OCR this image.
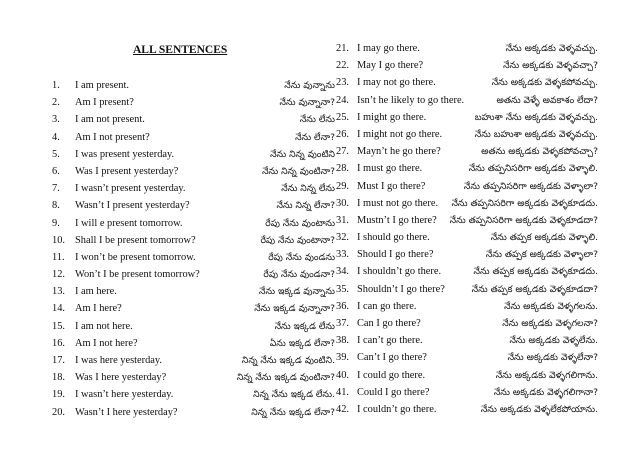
ALL SENTENCES
1. I am present.	నేను వున్నాను
2. Am I present?	నేను వున్నానా?
3. I am not present.	నేను లేను
4. Am I not present?	నేను లేనా?
5. I was present yesterday.	నేను నిన్న వుంటిని
6. Was I present yesterday?	నేను నిన్న వుంటినా?
7. I wasn’t present yesterday.	నేను నిన్న లేను
8. Wasn’t I present yesterday?	నేను నిన్న లేనా?
9. I will e present tomorrow.	రేపు నేను వుంటాను
10. Shall I be present tomorrow?	రేపు నేను వుంటానా?
11. I won’t be present tomorrow.	రేపు నేను వుండను
12. Won’t I be present tomorrow?	రేపు నేను వుండనా?
13. I am here.	నేను ఇక్కడ వున్నాను
14. Am I here?	నేను ఇక్కడ వున్నానా?
15. I am not here.	నేను ఇక్కడ లేను
16. Am I not here?	ఏను ఇక్కడ లేనా?
17. I was here yesterday.	నిన్న నేను ఇక్కడ వుంటిని.
18. Was I here yesterday?	నిన్న నేను ఇక్కడ వుంటినా?
19. I wasn’t here yesterday.	నిన్న నేను ఇక్కడ లేను.
20. Wasn’t I here yesterday?	నిన్న నేను ఇక్కడ లేనా?
21. I may go there.	నేను అక్కడకు వెళ్ళవచ్చు.
22. May I go there?	నేను అక్కడకు వెళ్ళవచ్చా?
23. I may not go there.	నేను అక్కడకు వెళ్ళకపోవచ్చు.
24. Isn’t he likely to go there.	అతను వెళ్ళే అవకాశం లేదా?
25. I might go there.	బహుశా నేను అక్కడకు వెళ్ళవచ్చు.
26. I might not go there.	నేను బహుశా అక్కడకు వెళ్ళవచ్చు.
27. Mayn’t he go there?	అతను అక్కడకు వెళ్ళకపోవచ్చా?
28. I must go there.	నేను తప్పనిసరిగా అక్కడకు వెళ్ళాలి.
29. Must I go there?	నేను తప్పనిసరిగా అక్కడకు వెళ్ళాలా?
30. I must not go there. నేను తప్పనిసరిగా అక్కడకు వెళ్ళకూడదు.
31. Mustn’t I go there? నేను తప్పనిసరిగా అక్కడకు వెళ్ళకూడదా?
32. I should go there.	నేను తప్పక అక్కడకు వెళ్ళాలి.
33. Should I go there?	నేను తప్పక అక్కడకు వెళ్ళాలా?
34. I shouldn’t go there.	నేను తప్పక అక్కడకు వెళ్ళకూడదు.
35. Shouldn’t I go there?	నేను తప్పక అక్కడకు వెళ్ళకూడదా?
36. I can go there.	నేను అక్కడకు వెళ్ళగలను.
37. Can I go there?	నేను అక్కడకు వెళ్ళగలనా?
38. I can’t go there.	నేను అక్కడకు వెళ్ళలేను.
39. Can’t I go there?	నేను అక్కడకు వెళ్ళలేనా?
40. I could go there.	నేను అక్కడకు వెళ్ళగలిగాను.
41. Could I go there?	నేను అక్కడకు వెళ్ళగలిగానా?
42. I couldn’t go there.	నేను అక్కడకు వెళ్ళలేకపోయాను.
